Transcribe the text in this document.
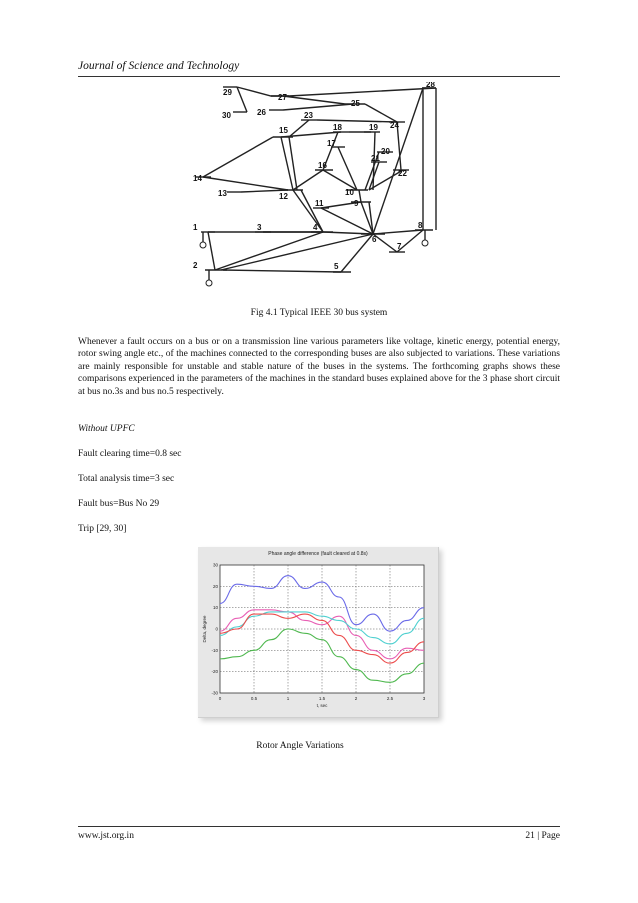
Journal of Science and Technology
29
27
25
28
30	26	23
24
15	18	19
17
20
21
22
16
14
13	12	10
11	9
1	3	4
6
8
7
2	5
Fig 4.1 Typical IEEE 30 bus system

Whenever a fault occurs on a bus or on a transmission line various parameters like voltage, kinetic energy, potential energy, rotor swing angle etc., of the machines connected to the corresponding buses are also subjected to variations. These variations are mainly responsible for unstable and stable nature of the buses in the systems. The forthcoming graphs shows these comparisons experienced in the parameters of the machines in the standard buses explained above for the 3 phase short circuit at bus no.3s and bus no.5 respectively.

Without UPFC

Fault clearing time=0.8 sec

Total analysis time=3 sec

Fault bus=Bus No 29

Trip [29, 30]

Phase angle difference (fault cleared at 0.8s)
0	0.5	1	1.5	2	2.5	3
30
20
10
0
-10
-20
-30
t, sec
Delta, degree
Rotor Angle Variations
www.jst.org.in	21 | Page
